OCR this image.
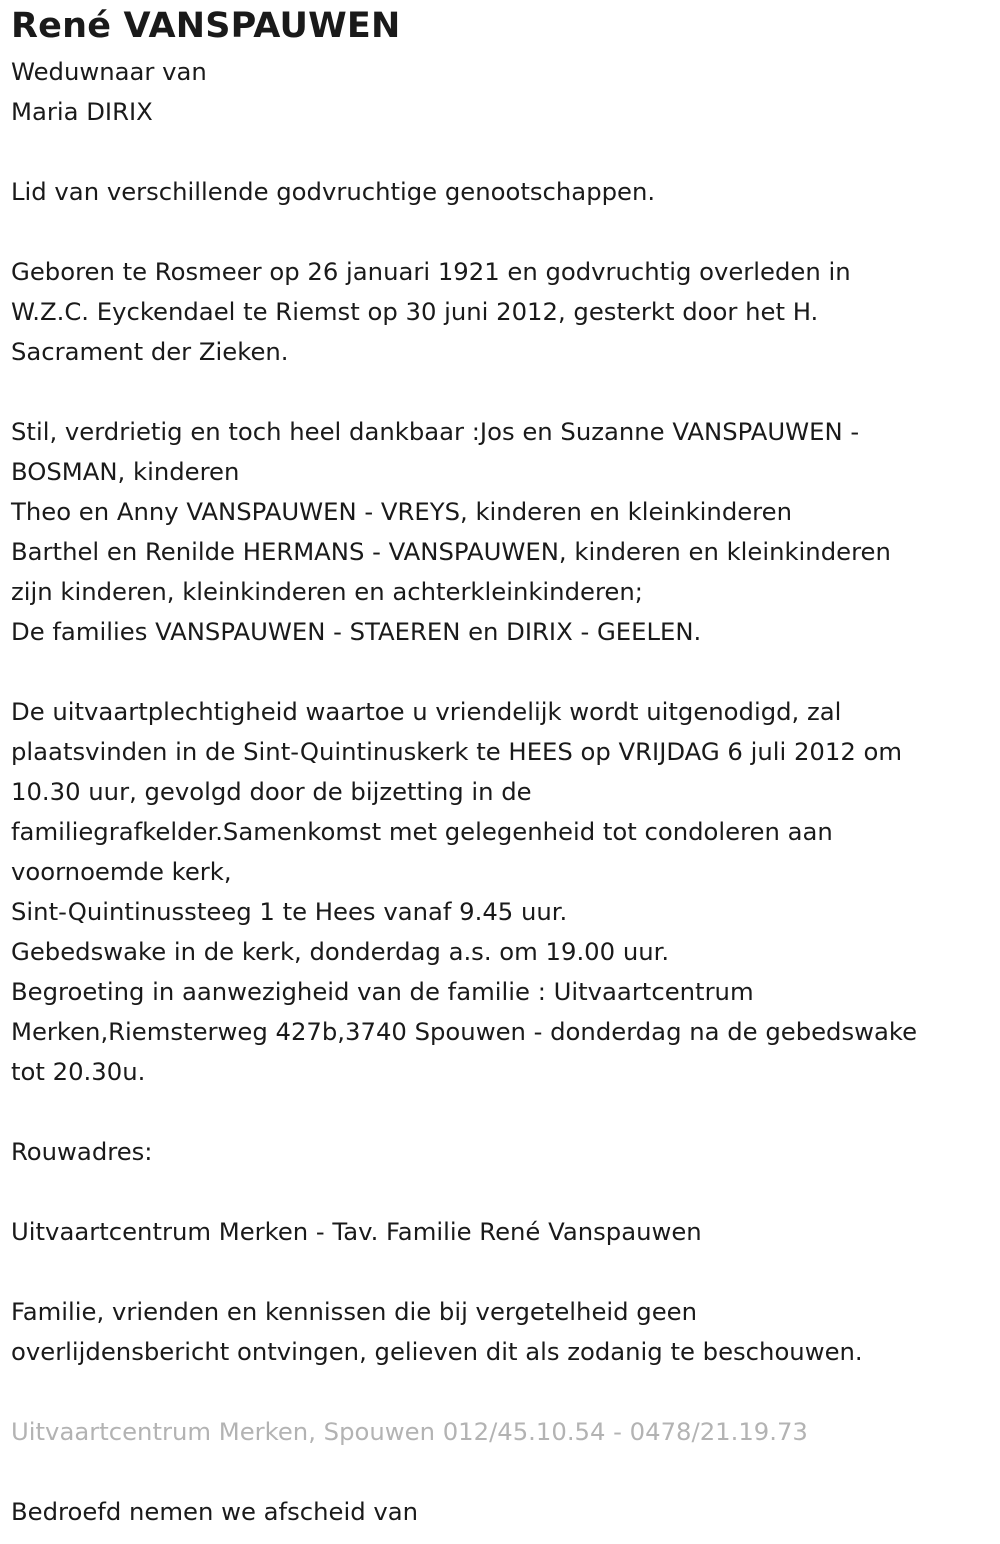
René VANSPAUWEN
Weduwnaar van
Maria DIRIX
Lid van verschillende godvruchtige genootschappen.
Geboren te Rosmeer op 26 januari 1921 en godvruchtig overleden in
W.Z.C. Eyckendael te Riemst op 30 juni 2012, gesterkt door het H.
Sacrament der Zieken.
Stil, verdrietig en toch heel dankbaar :Jos en Suzanne VANSPAUWEN -
BOSMAN, kinderen
Theo en Anny VANSPAUWEN - VREYS, kinderen en kleinkinderen
Barthel en Renilde HERMANS - VANSPAUWEN, kinderen en kleinkinderen
zijn kinderen, kleinkinderen en achterkleinkinderen;
De families VANSPAUWEN - STAEREN en DIRIX - GEELEN.
De uitvaartplechtigheid waartoe u vriendelijk wordt uitgenodigd, zal
plaatsvinden in de Sint-Quintinuskerk te HEES op VRIJDAG 6 juli 2012 om
10.30 uur, gevolgd door de bijzetting in de
familiegrafkelder.Samenkomst met gelegenheid tot condoleren aan
voornoemde kerk,
Sint-Quintinussteeg 1 te Hees vanaf 9.45 uur.
Gebedswake in de kerk, donderdag a.s. om 19.00 uur.
Begroeting in aanwezigheid van de familie : Uitvaartcentrum
Merken,Riemsterweg 427b,3740 Spouwen - donderdag na de gebedswake
tot 20.30u.
Rouwadres:
Uitvaartcentrum Merken - Tav. Familie René Vanspauwen
Familie, vrienden en kennissen die bij vergetelheid geen
overlijdensbericht ontvingen, gelieven dit als zodanig te beschouwen.
Uitvaartcentrum Merken, Spouwen 012/45.10.54 - 0478/21.19.73
Bedroefd nemen we afscheid van
